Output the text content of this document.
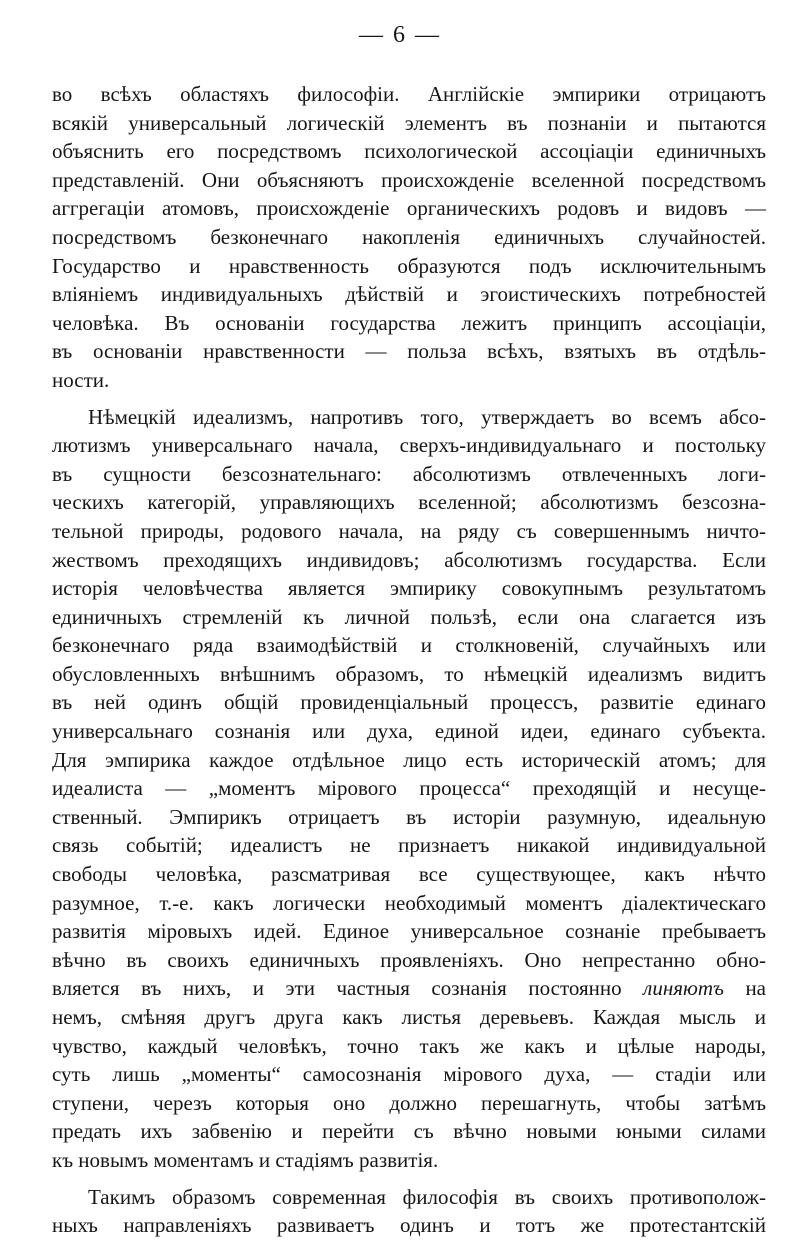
— 6 —
во всѣхъ областяхъ философіи. Англійскіе эмпирики отрицаютъ
всякій универсальный логическій элементъ въ познаніи и пытаются
объяснить его посредствомъ психологической ассоціаціи единичныхъ
представленій. Они объясняютъ происхожденіе вселенной посредствомъ
аггрегаціи атомовъ, происхожденіе органическихъ родовъ и видовъ —
посредствомъ безконечнаго накопленія единичныхъ случайностей.
Государство и нравственность образуются подъ исключительнымъ
вліяніемъ индивидуальныхъ дѣйствій и эгоистическихъ потребностей
человѣка. Въ основаніи государства лежитъ принципъ ассоціаціи,
въ основаніи нравственности — польза всѣхъ, взятыхъ въ отдѣль-
ности.
Нѣмецкій идеализмъ, напротивъ того, утверждаетъ во всемъ абсо-
лютизмъ универсальнаго начала, сверхъ-индивидуальнаго и постольку
въ сущности безсознательнаго: абсолютизмъ отвлеченныхъ логи-
ческихъ категорій, управляющихъ вселенной; абсолютизмъ безсозна-
тельной природы, родового начала, на ряду съ совершеннымъ ничто-
жествомъ преходящихъ индивидовъ; абсолютизмъ государства. Если
исторія человѣчества является эмпирику совокупнымъ результатомъ
единичныхъ стремленій къ личной пользѣ, если она слагается изъ
безконечнаго ряда взаимодѣйствій и столкновеній, случайныхъ или
обусловленныхъ внѣшнимъ образомъ, то нѣмецкій идеализмъ видитъ
въ ней одинъ общій провиденціальный процессъ, развитіе единаго
универсальнаго сознанія или духа, единой идеи, единаго субъекта.
Для эмпирика каждое отдѣльное лицо есть историческій атомъ; для
идеалиста — „моментъ мірового процесса“ преходящій и несуще-
ственный. Эмпирикъ отрицаетъ въ исторіи разумную, идеальную
связь событій; идеалистъ не признаетъ никакой индивидуальной
свободы человѣка, разсматривая все существующее, какъ нѣчто
разумное, т.-е. какъ логически необходимый моментъ діалектическаго
развитія міровыхъ идей. Единое универсальное сознаніе пребываетъ
вѣчно въ своихъ единичныхъ проявленіяхъ. Оно непрестанно обно-
вляется въ нихъ, и эти частныя сознанія постоянно линяютъ на
немъ, смѣняя другъ друга какъ листья деревьевъ. Каждая мысль и
чувство, каждый человѣкъ, точно такъ же какъ и цѣлые народы,
суть лишь „моменты“ самосознанія мірового духа, — стадіи или
ступени, черезъ которыя оно должно перешагнуть, чтобы затѣмъ
предать ихъ забвенію и перейти съ вѣчно новыми юными силами
къ новымъ моментамъ и стадіямъ развитія.
Такимъ образомъ современная философія въ своихъ противополож-
ныхъ направленіяхъ развиваетъ одинъ и тотъ же протестантскій
